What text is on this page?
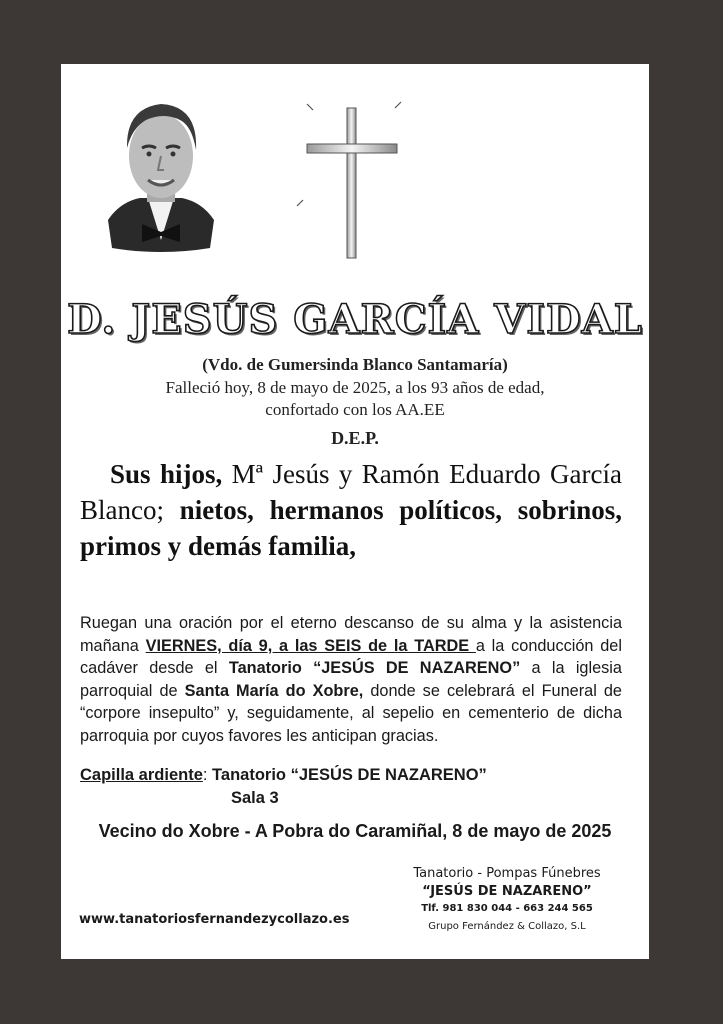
D. JESÚS GARCÍA VIDAL
(Vdo. de Gumersinda Blanco Santamaría)
Falleció hoy, 8 de mayo de 2025, a los 93 años de edad,
confortado con los AA.EE
D.E.P.
Sus hijos, Mª Jesús y Ramón Eduardo García Blanco; nietos, hermanos políticos, sobrinos, primos y demás familia,
Ruegan una oración por el eterno descanso de su alma y la asistencia mañana VIERNES, día 9, a las SEIS de la TARDE a la conducción del cadáver desde el Tanatorio “JESÚS DE NAZARENO” a la iglesia parroquial de Santa María do Xobre, donde se celebrará el Funeral de “corpore insepulto” y, seguidamente, al sepelio en cementerio de dicha parroquia por cuyos favores les anticipan gracias.
Capilla ardiente: Tanatorio “JESÚS DE NAZARENO”
Sala 3
Vecino do Xobre - A Pobra do Caramiñal, 8 de mayo de 2025
Tanatorio - Pompas Fúnebres
“JESÚS DE NAZARENO”
Tlf. 981 830 044 - 663 244 565
Grupo Fernández & Collazo, S.L
www.tanatoriosfernandezycollazo.es
